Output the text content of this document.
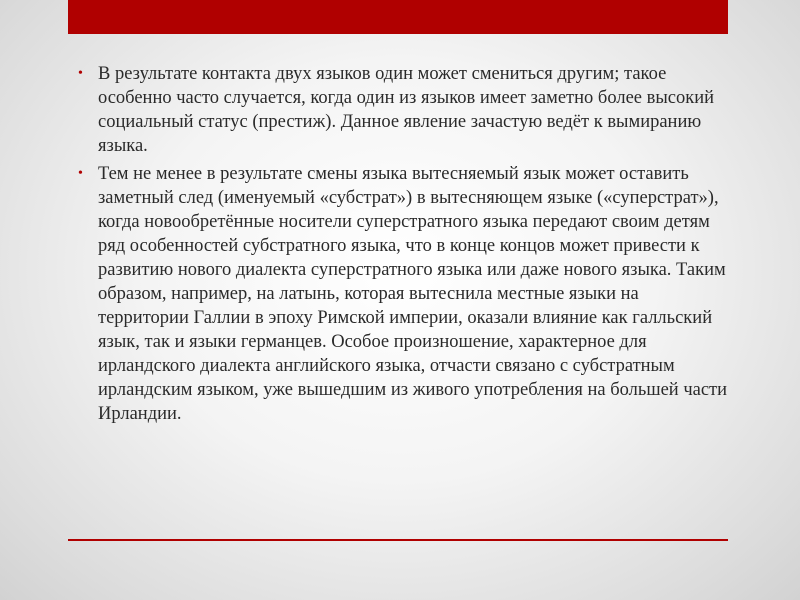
• В результате контакта двух языков один может смениться другим; такое особенно часто случается, когда один из языков имеет заметно более высокий социальный статус (престиж). Данное явление зачастую ведёт к вымиранию языка.
• Тем не менее в результате смены языка вытесняемый язык может оставить заметный след (именуемый «субстрат») в вытесняющем языке («суперстрат»), когда новообретённые носители суперстратного языка передают своим детям ряд особенностей субстратного языка, что в конце концов может привести к развитию нового диалекта суперстратного языка или даже нового языка. Таким образом, например, на латынь, которая вытеснила местные языки на территории Галлии в эпоху Римской империи, оказали влияние как галльский язык, так и языки германцев. Особое произношение, характерное для ирландского диалекта английского языка, отчасти связано с субстратным ирландским языком, уже вышедшим из живого употребления на большей части Ирландии.
